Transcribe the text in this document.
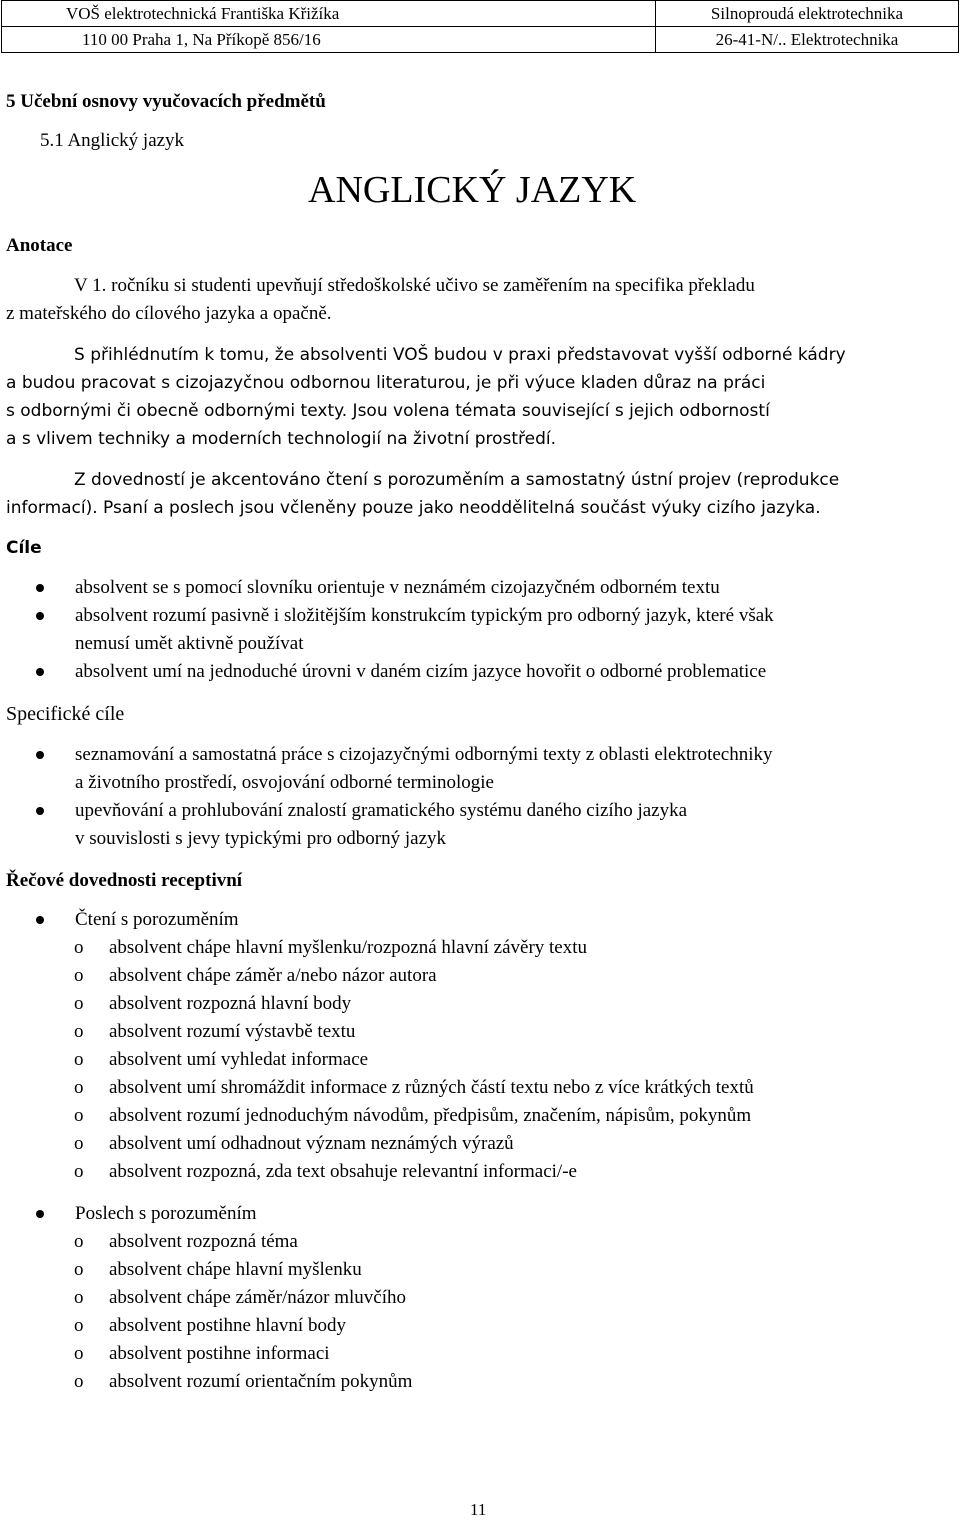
VOŠ elektrotechnická Františka Křižíka	Silnoproudá elektrotechnika
110 00 Praha 1, Na Příkopě 856/16	26-41-N/.. Elektrotechnika
5 Učební osnovy vyučovacích předmětů
5.1 Anglický jazyk
ANGLICKÝ JAZYK
Anotace
V 1. ročníku si studenti upevňují středoškolské učivo se zaměřením na specifika překladu
z mateřského do cílového jazyka a opačně.
S přihlédnutím k tomu, že absolventi VOŠ budou v praxi představovat vyšší odborné kádry
a budou pracovat s cizojazyčnou odbornou literaturou, je při výuce kladen důraz na práci
s odbornými či obecně odbornými texty. Jsou volena témata související s jejich odborností
a s vlivem techniky a moderních technologií na životní prostředí.
Z dovedností je akcentováno čtení s porozuměním a samostatný ústní projev (reprodukce
informací). Psaní a poslech jsou včleněny pouze jako neoddělitelná součást výuky cizího jazyka.
Cíle
absolvent se s pomocí slovníku orientuje v neznámém cizojazyčném odborném textu
absolvent rozumí pasivně i složitějším konstrukcím typickým pro odborný jazyk, které však
nemusí umět aktivně používat
absolvent umí na jednoduché úrovni v daném cizím jazyce hovořit o odborné problematice
Specifické cíle
seznamování a samostatná práce s cizojazyčnými odbornými texty z oblasti elektrotechniky
a životního prostředí, osvojování odborné terminologie
upevňování a prohlubování znalostí gramatického systému daného cizího jazyka
v souvislosti s jevy typickými pro odborný jazyk
Řečové dovednosti receptivní
Čtení s porozuměním
o absolvent chápe hlavní myšlenku/rozpozná hlavní závěry textu
o absolvent chápe záměr a/nebo názor autora
o absolvent rozpozná hlavní body
o absolvent rozumí výstavbě textu
o absolvent umí vyhledat informace
o absolvent umí shromáždit informace z různých částí textu nebo z více krátkých textů
o absolvent rozumí jednoduchým návodům, předpisům, značením, nápisům, pokynům
o absolvent umí odhadnout význam neznámých výrazů
o absolvent rozpozná, zda text obsahuje relevantní informaci/-e
Poslech s porozuměním
o absolvent rozpozná téma
o absolvent chápe hlavní myšlenku
o absolvent chápe záměr/názor mluvčího
o absolvent postihne hlavní body
o absolvent postihne informaci
o absolvent rozumí orientačním pokynům
11
